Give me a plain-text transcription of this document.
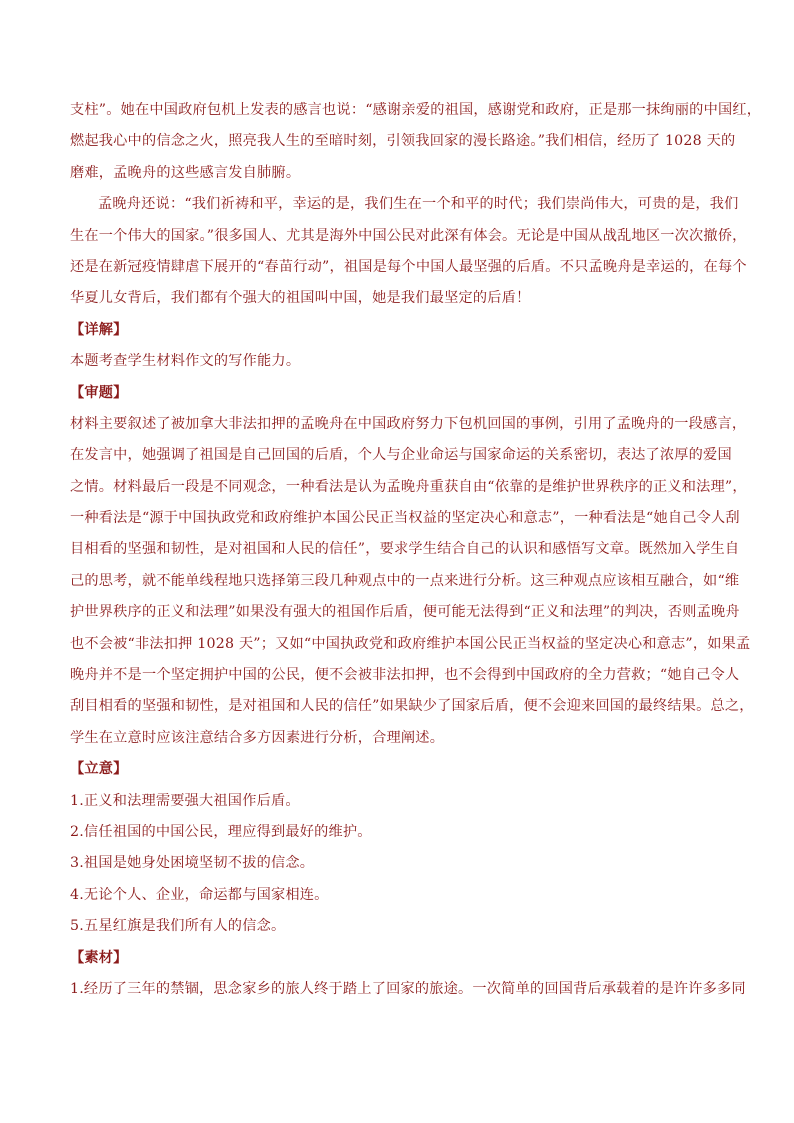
支柱”。她在中国政府包机上发表的感言也说：“感谢亲爱的祖国，感谢党和政府，正是那一抹绚丽的中国红，
燃起我心中的信念之火，照亮我人生的至暗时刻，引领我回家的漫长路途。”我们相信，经历了 1028 天的
磨难，孟晚舟的这些感言发自肺腑。
孟晚舟还说：“我们祈祷和平，幸运的是，我们生在一个和平的时代；我们崇尚伟大，可贵的是，我们
生在一个伟大的国家。”很多国人、尤其是海外中国公民对此深有体会。无论是中国从战乱地区一次次撤侨，
还是在新冠疫情肆虐下展开的“春苗行动”，祖国是每个中国人最坚强的后盾。不只孟晚舟是幸运的，在每个
华夏儿女背后，我们都有个强大的祖国叫中国，她是我们最坚定的后盾！
【详解】
本题考查学生材料作文的写作能力。
【审题】
材料主要叙述了被加拿大非法扣押的孟晚舟在中国政府努力下包机回国的事例，引用了孟晚舟的一段感言，
在发言中，她强调了祖国是自己回国的后盾，个人与企业命运与国家命运的关系密切，表达了浓厚的爱国
之情。材料最后一段是不同观念，一种看法是认为孟晚舟重获自由“依靠的是维护世界秩序的正义和法理”，
一种看法是“源于中国执政党和政府维护本国公民正当权益的坚定决心和意志”，一种看法是“她自己令人刮
目相看的坚强和韧性，是对祖国和人民的信任”，要求学生结合自己的认识和感悟写文章。既然加入学生自
己的思考，就不能单线程地只选择第三段几种观点中的一点来进行分析。这三种观点应该相互融合，如“维
护世界秩序的正义和法理”如果没有强大的祖国作后盾，便可能无法得到“正义和法理”的判决，否则孟晚舟
也不会被“非法扣押 1028 天”；又如“中国执政党和政府维护本国公民正当权益的坚定决心和意志”，如果孟
晚舟并不是一个坚定拥护中国的公民，便不会被非法扣押，也不会得到中国政府的全力营救；“她自己令人
刮目相看的坚强和韧性，是对祖国和人民的信任”如果缺少了国家后盾，便不会迎来回国的最终结果。总之，
学生在立意时应该注意结合多方因素进行分析，合理阐述。
【立意】
1.正义和法理需要强大祖国作后盾。
2.信任祖国的中国公民，理应得到最好的维护。
3.祖国是她身处困境坚韧不拔的信念。
4.无论个人、企业，命运都与国家相连。
5.五星红旗是我们所有人的信念。
【素材】
1.经历了三年的禁锢，思念家乡的旅人终于踏上了回家的旅途。一次简单的回国背后承载着的是许许多多同
